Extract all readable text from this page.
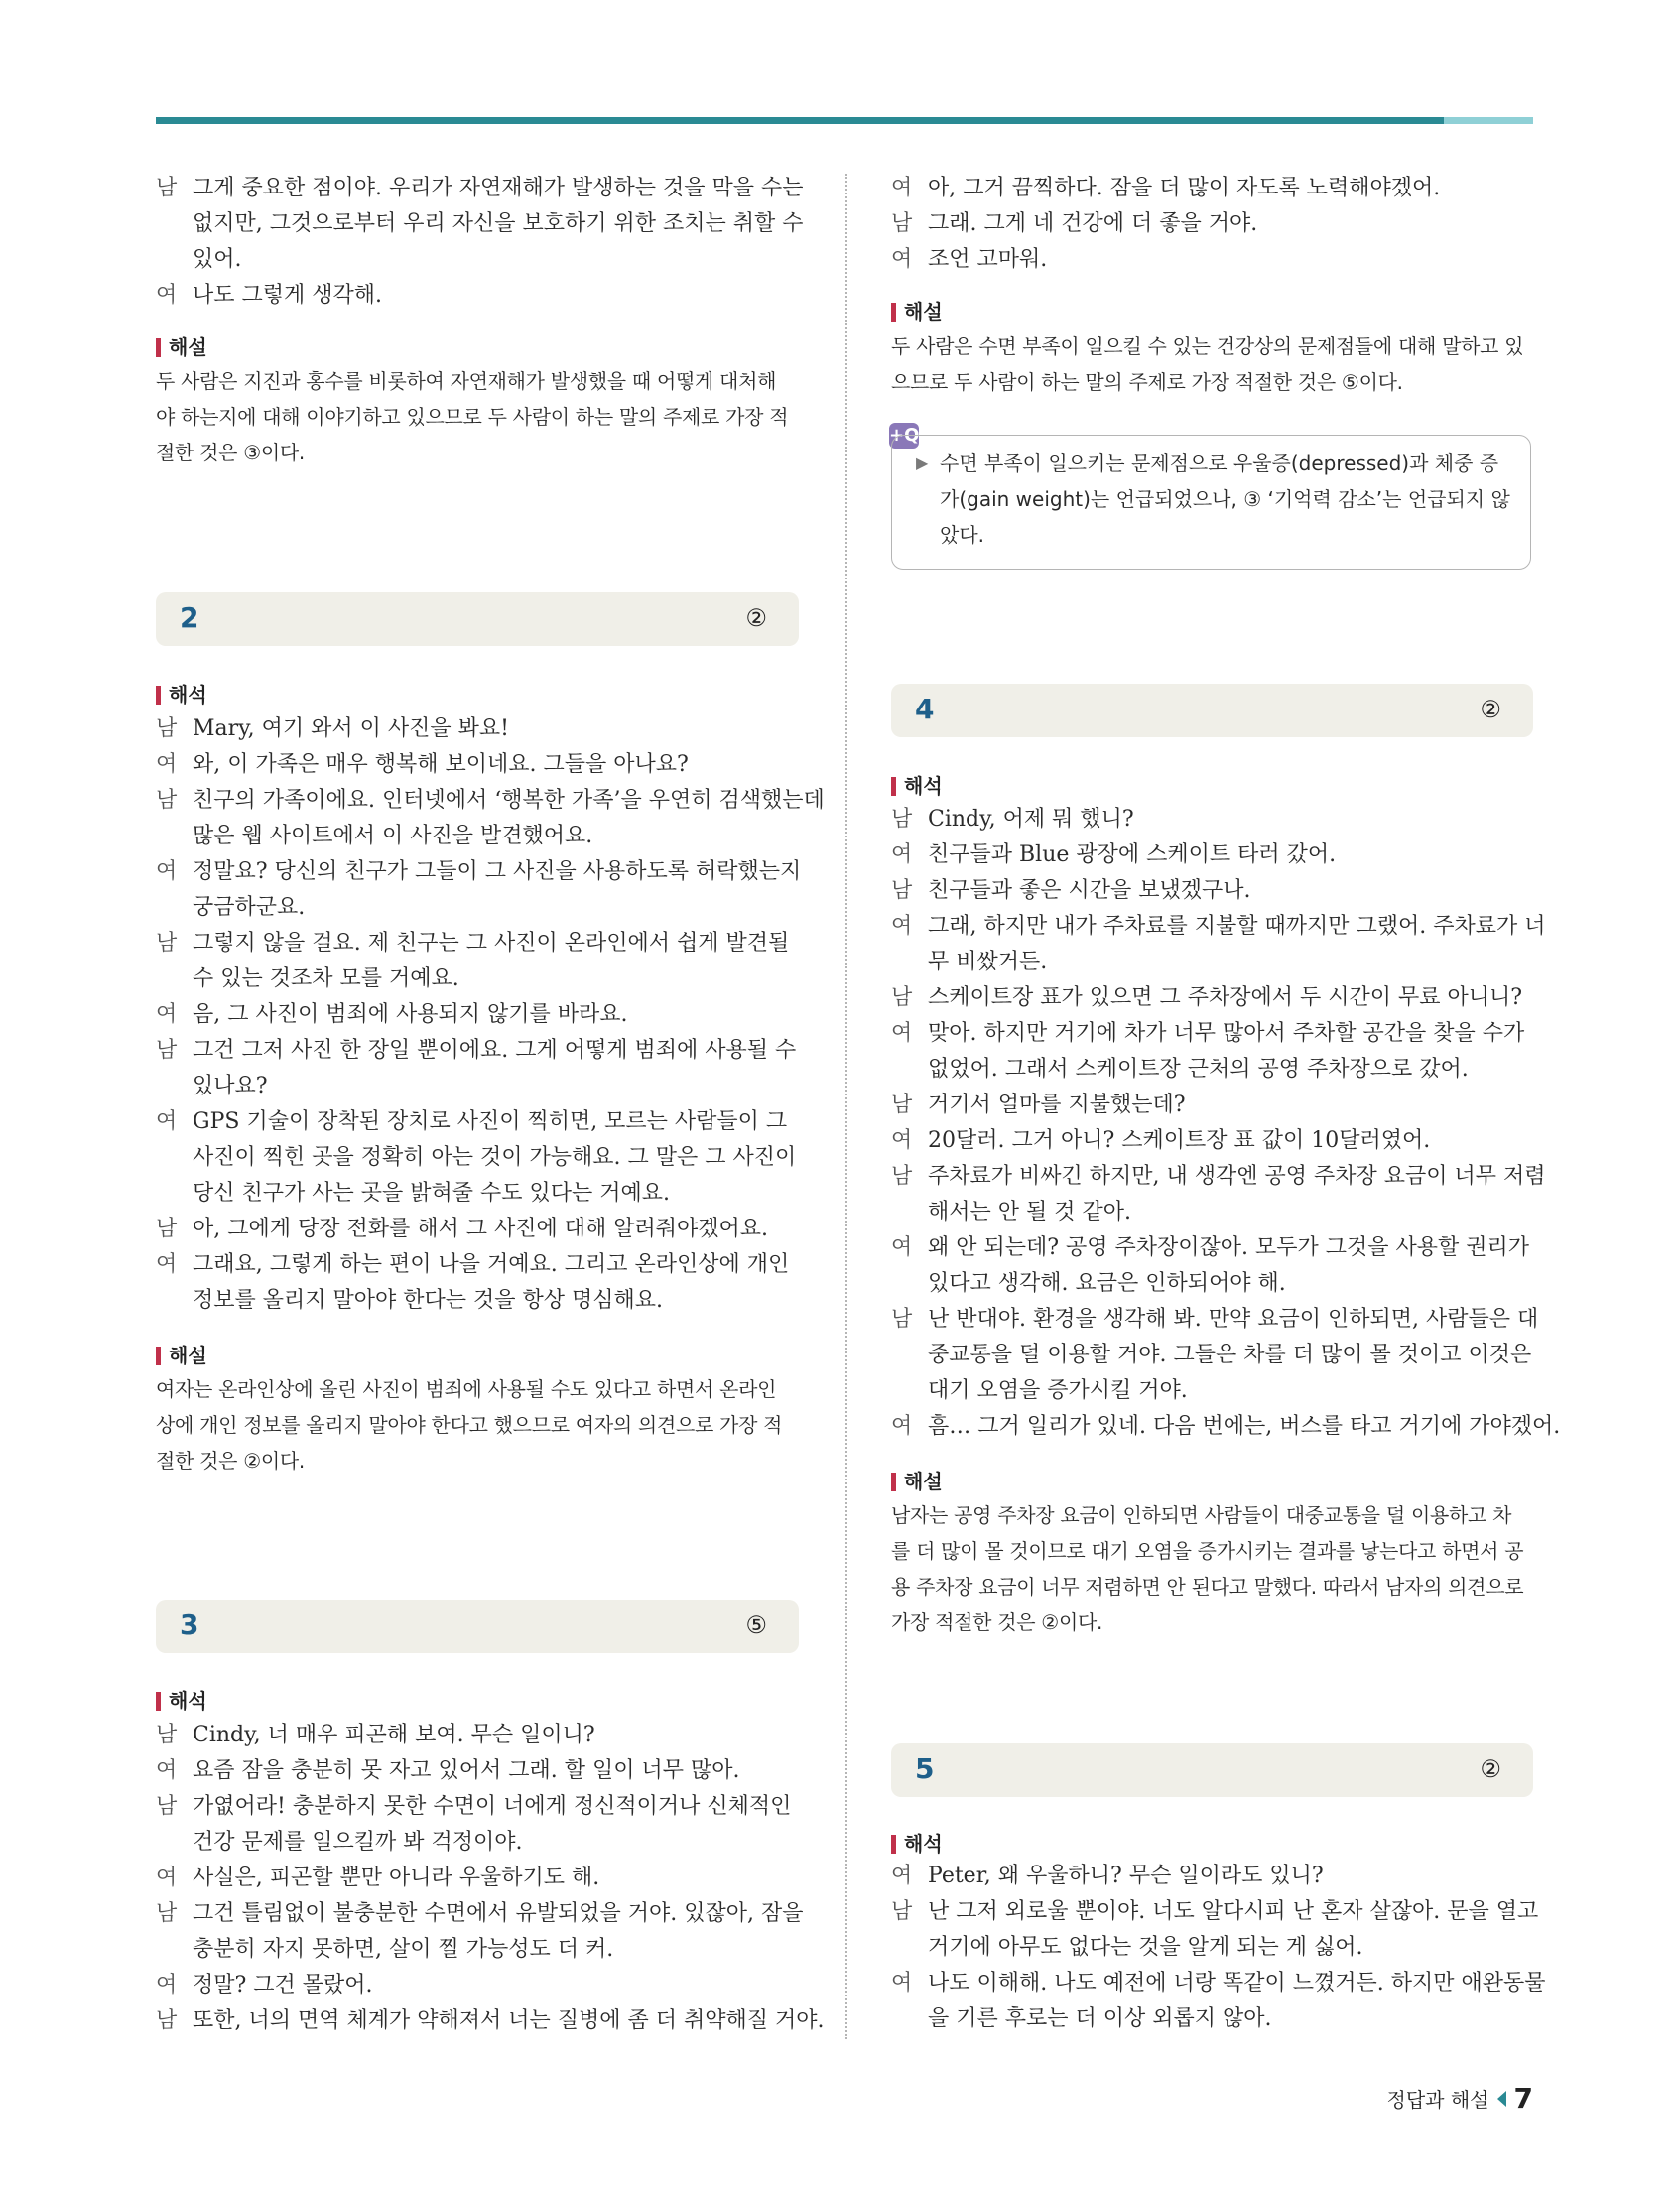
남 그게 중요한 점이야. 우리가 자연재해가 발생하는 것을 막을 수는
없지만, 그것으로부터 우리 자신을 보호하기 위한 조치는 취할 수
있어.
여 나도 그렇게 생각해.
해설
두 사람은 지진과 홍수를 비롯하여 자연재해가 발생했을 때 어떻게 대처해
야 하는지에 대해 이야기하고 있으므로 두 사람이 하는 말의 주제로 가장 적
절한 것은 ③이다.
2	②
해석
남 Mary, 여기 와서 이 사진을 봐요!
여 와, 이 가족은 매우 행복해 보이네요. 그들을 아나요?
남 친구의 가족이에요. 인터넷에서 ‘행복한 가족’을 우연히 검색했는데
많은 웹 사이트에서 이 사진을 발견했어요.
여 정말요? 당신의 친구가 그들이 그 사진을 사용하도록 허락했는지
궁금하군요.
남 그렇지 않을 걸요. 제 친구는 그 사진이 온라인에서 쉽게 발견될
수 있는 것조차 모를 거예요.
여 음, 그 사진이 범죄에 사용되지 않기를 바라요.
남 그건 그저 사진 한 장일 뿐이에요. 그게 어떻게 범죄에 사용될 수
있나요?
여 GPS 기술이 장착된 장치로 사진이 찍히면, 모르는 사람들이 그
사진이 찍힌 곳을 정확히 아는 것이 가능해요. 그 말은 그 사진이
당신 친구가 사는 곳을 밝혀줄 수도 있다는 거예요.
남 아, 그에게 당장 전화를 해서 그 사진에 대해 알려줘야겠어요.
여 그래요, 그렇게 하는 편이 나을 거예요. 그리고 온라인상에 개인
정보를 올리지 말아야 한다는 것을 항상 명심해요.
해설
여자는 온라인상에 올린 사진이 범죄에 사용될 수도 있다고 하면서 온라인
상에 개인 정보를 올리지 말아야 한다고 했으므로 여자의 의견으로 가장 적
절한 것은 ②이다.
3	⑤
해석
남 Cindy, 너 매우 피곤해 보여. 무슨 일이니?
여 요즘 잠을 충분히 못 자고 있어서 그래. 할 일이 너무 많아.
남 가엾어라! 충분하지 못한 수면이 너에게 정신적이거나 신체적인
건강 문제를 일으킬까 봐 걱정이야.
여 사실은, 피곤할 뿐만 아니라 우울하기도 해.
남 그건 틀림없이 불충분한 수면에서 유발되었을 거야. 있잖아, 잠을
충분히 자지 못하면, 살이 찔 가능성도 더 커.
여 정말? 그건 몰랐어.
남 또한, 너의 면역 체계가 약해져서 너는 질병에 좀 더 취약해질 거야.
여 아, 그거 끔찍하다. 잠을 더 많이 자도록 노력해야겠어.
남 그래. 그게 네 건강에 더 좋을 거야.
여 조언 고마워.
해설
두 사람은 수면 부족이 일으킬 수 있는 건강상의 문제점들에 대해 말하고 있
으므로 두 사람이 하는 말의 주제로 가장 적절한 것은 ⑤이다.
+Q
▶ 수면 부족이 일으키는 문제점으로 우울증(depressed)과 체중 증
가(gain weight)는 언급되었으나, ③ ‘기억력 감소’는 언급되지 않
았다.
4	②
해석
남 Cindy, 어제 뭐 했니?
여 친구들과 Blue 광장에 스케이트 타러 갔어.
남 친구들과 좋은 시간을 보냈겠구나.
여 그래, 하지만 내가 주차료를 지불할 때까지만 그랬어. 주차료가 너
무 비쌌거든.
남 스케이트장 표가 있으면 그 주차장에서 두 시간이 무료 아니니?
여 맞아. 하지만 거기에 차가 너무 많아서 주차할 공간을 찾을 수가
없었어. 그래서 스케이트장 근처의 공영 주차장으로 갔어.
남 거기서 얼마를 지불했는데?
여 20달러. 그거 아니? 스케이트장 표 값이 10달러였어.
남 주차료가 비싸긴 하지만, 내 생각엔 공영 주차장 요금이 너무 저렴
해서는 안 될 것 같아.
여 왜 안 되는데? 공영 주차장이잖아. 모두가 그것을 사용할 권리가
있다고 생각해. 요금은 인하되어야 해.
남 난 반대야. 환경을 생각해 봐. 만약 요금이 인하되면, 사람들은 대
중교통을 덜 이용할 거야. 그들은 차를 더 많이 몰 것이고 이것은
대기 오염을 증가시킬 거야.
여 흠… 그거 일리가 있네. 다음 번에는, 버스를 타고 거기에 가야겠어.
해설
남자는 공영 주차장 요금이 인하되면 사람들이 대중교통을 덜 이용하고 차
를 더 많이 몰 것이므로 대기 오염을 증가시키는 결과를 낳는다고 하면서 공
용 주차장 요금이 너무 저렴하면 안 된다고 말했다. 따라서 남자의 의견으로
가장 적절한 것은 ②이다.
5	②
해석
여 Peter, 왜 우울하니? 무슨 일이라도 있니?
남 난 그저 외로울 뿐이야. 너도 알다시피 난 혼자 살잖아. 문을 열고
거기에 아무도 없다는 것을 알게 되는 게 싫어.
여 나도 이해해. 나도 예전에 너랑 똑같이 느꼈거든. 하지만 애완동물
을 기른 후로는 더 이상 외롭지 않아.
정답과 해설 7
